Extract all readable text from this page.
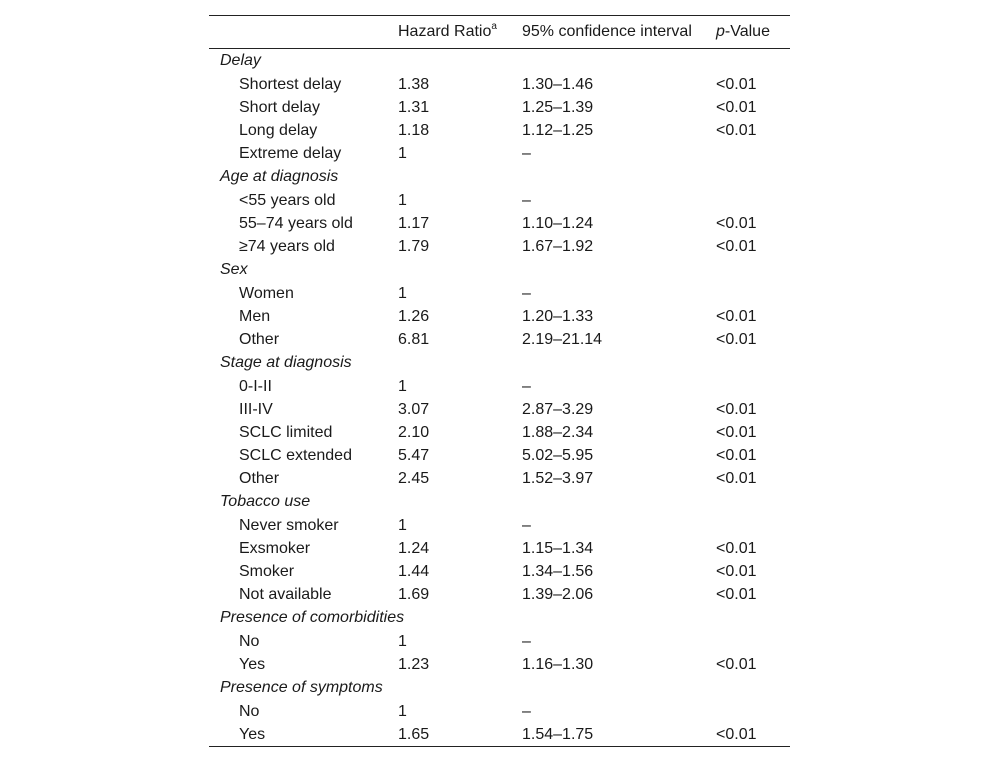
Hazard Ratio$^a$ 95% confidence interval p-Value
Delay
Shortest delay	1.38	1.30–1.46	<0.01
Short delay	1.31	1.25–1.39	<0.01
Long delay	1.18	1.12–1.25	<0.01
Extreme delay	1	–
Age at diagnosis
<55 years old	1	–
55–74 years old	1.17	1.10–1.24	<0.01
≥74 years old	1.79	1.67–1.92	<0.01
Sex
Women	1	–
Men	1.26	1.20–1.33	<0.01
Other	6.81	2.19–21.14	<0.01
Stage at diagnosis
0-I-II	1	–
III-IV	3.07	2.87–3.29	<0.01
SCLC limited	2.10	1.88–2.34	<0.01
SCLC extended	5.47	5.02–5.95	<0.01
Other	2.45	1.52–3.97	<0.01
Tobacco use
Never smoker	1	–
Exsmoker	1.24	1.15–1.34	<0.01
Smoker	1.44	1.34–1.56	<0.01
Not available	1.69	1.39–2.06	<0.01
Presence of comorbidities
No	1	–
Yes	1.23	1.16–1.30	<0.01
Presence of symptoms
No	1	–
Yes	1.65	1.54–1.75	<0.01
